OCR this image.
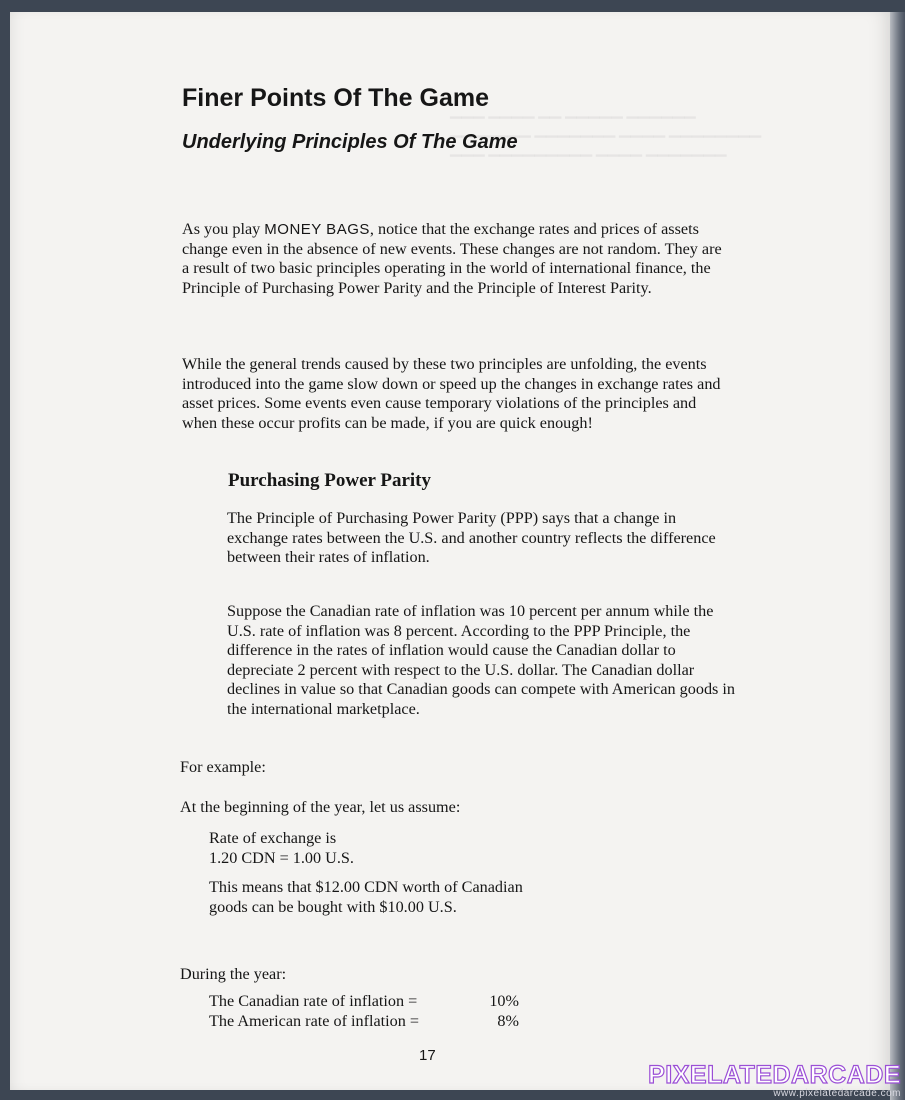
▁▁▁ ▁▁▁▁ ▁▁ ▁▁▁▁▁ ▁▁▁▁▁▁
▁▁▁▁▁▁▁ ▁▁▁▁▁▁▁ ▁▁▁▁ ▁▁▁▁▁▁▁▁
▁▁▁ ▁▁▁▁▁▁▁▁▁ ▁▁▁▁ ▁▁▁▁▁▁▁
Finer Points Of The Game
Underlying Principles Of The Game

As you play MONEY BAGS, notice that the exchange rates and prices of assets change even in the absence of new events. These changes are not random. They are a result of two basic principles operating in the world of international finance, the Principle of Purchasing Power Parity and the Principle of Interest Parity.

While the general trends caused by these two principles are unfolding, the events introduced into the game slow down or speed up the changes in exchange rates and asset prices. Some events even cause temporary violations of the principles and when these occur profits can be made, if you are quick enough!

Purchasing Power Parity

The Principle of Purchasing Power Parity (PPP) says that a change in exchange rates between the U.S. and another country reflects the difference between their rates of inflation.

Suppose the Canadian rate of inflation was 10 percent per annum while the U.S. rate of inflation was 8 percent. According to the PPP Principle, the difference in the rates of inflation would cause the Canadian dollar to depreciate 2 percent with respect to the U.S. dollar. The Canadian dollar declines in value so that Canadian goods can compete with American goods in the international marketplace.

For example:
At the beginning of the year, let us assume:
Rate of exchange is
1.20 CDN = 1.00 U.S.
This means that $12.00 CDN worth of Canadian
goods can be bought with $10.00 U.S.
During the year:
The Canadian rate of inflation =	10%
The American rate of inflation =	8%
17
PIXELATEDARCADE
www.pixelatedarcade.com
